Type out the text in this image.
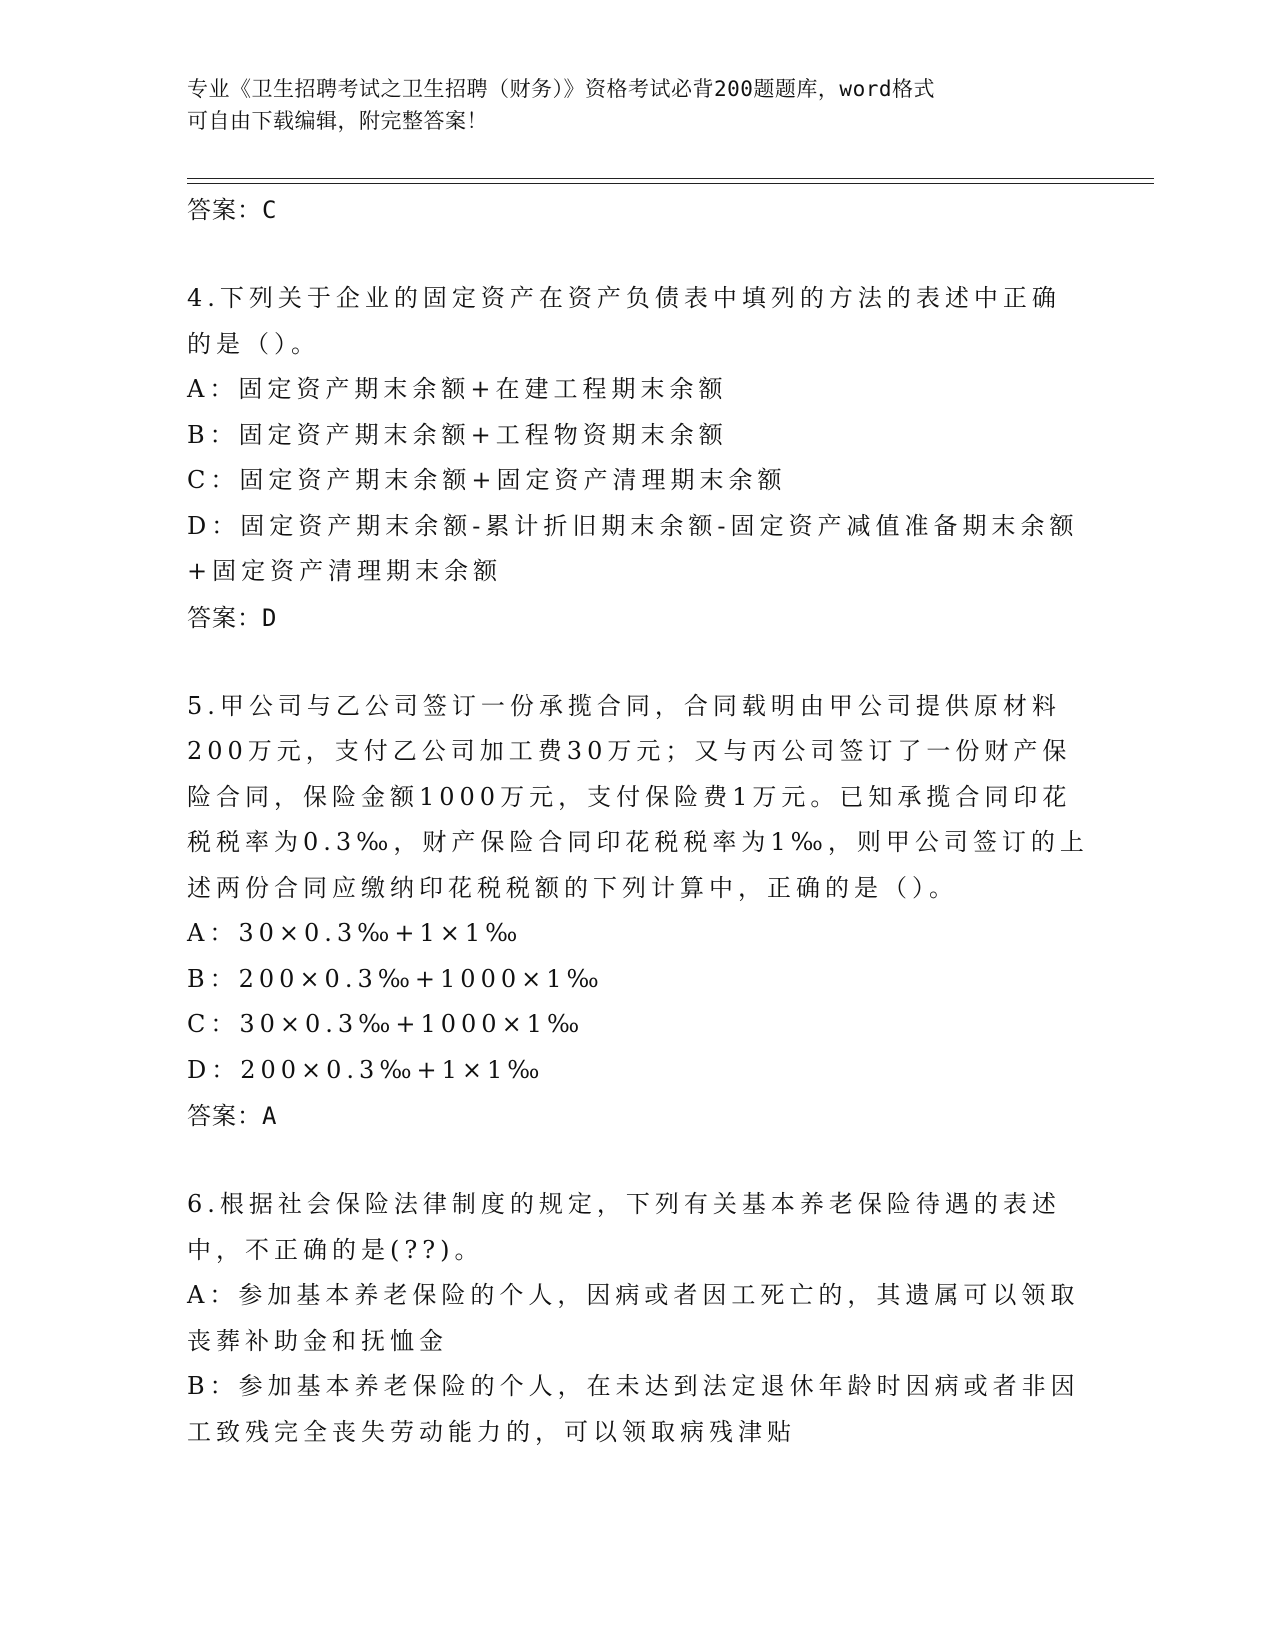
专业《卫生招聘考试之卫生招聘（财务）》资格考试必背200题题库，word格式
可自由下载编辑，附完整答案！
答案：C
4.下列关于企业的固定资产在资产负债表中填列的方法的表述中正确
的是（）。
A：固定资产期末余额+在建工程期末余额
B：固定资产期末余额+工程物资期末余额
C：固定资产期末余额+固定资产清理期末余额
D：固定资产期末余额-累计折旧期末余额-固定资产减值准备期末余额
+固定资产清理期末余额
答案：D
5.甲公司与乙公司签订一份承揽合同，合同载明由甲公司提供原材料
200万元，支付乙公司加工费30万元；又与丙公司签订了一份财产保
险合同，保险金额1000万元，支付保险费1万元。已知承揽合同印花
税税率为0.3‰，财产保险合同印花税税率为1‰，则甲公司签订的上
述两份合同应缴纳印花税税额的下列计算中，正确的是（）。
A：30×0.3‰+1×1‰
B：200×0.3‰+1000×1‰
C：30×0.3‰+1000×1‰
D：200×0.3‰+1×1‰
答案：A
6.根据社会保险法律制度的规定，下列有关基本养老保险待遇的表述
中，不正确的是(??)。
A：参加基本养老保险的个人，因病或者因工死亡的，其遗属可以领取
丧葬补助金和抚恤金
B：参加基本养老保险的个人，在未达到法定退休年龄时因病或者非因
工致残完全丧失劳动能力的，可以领取病残津贴
